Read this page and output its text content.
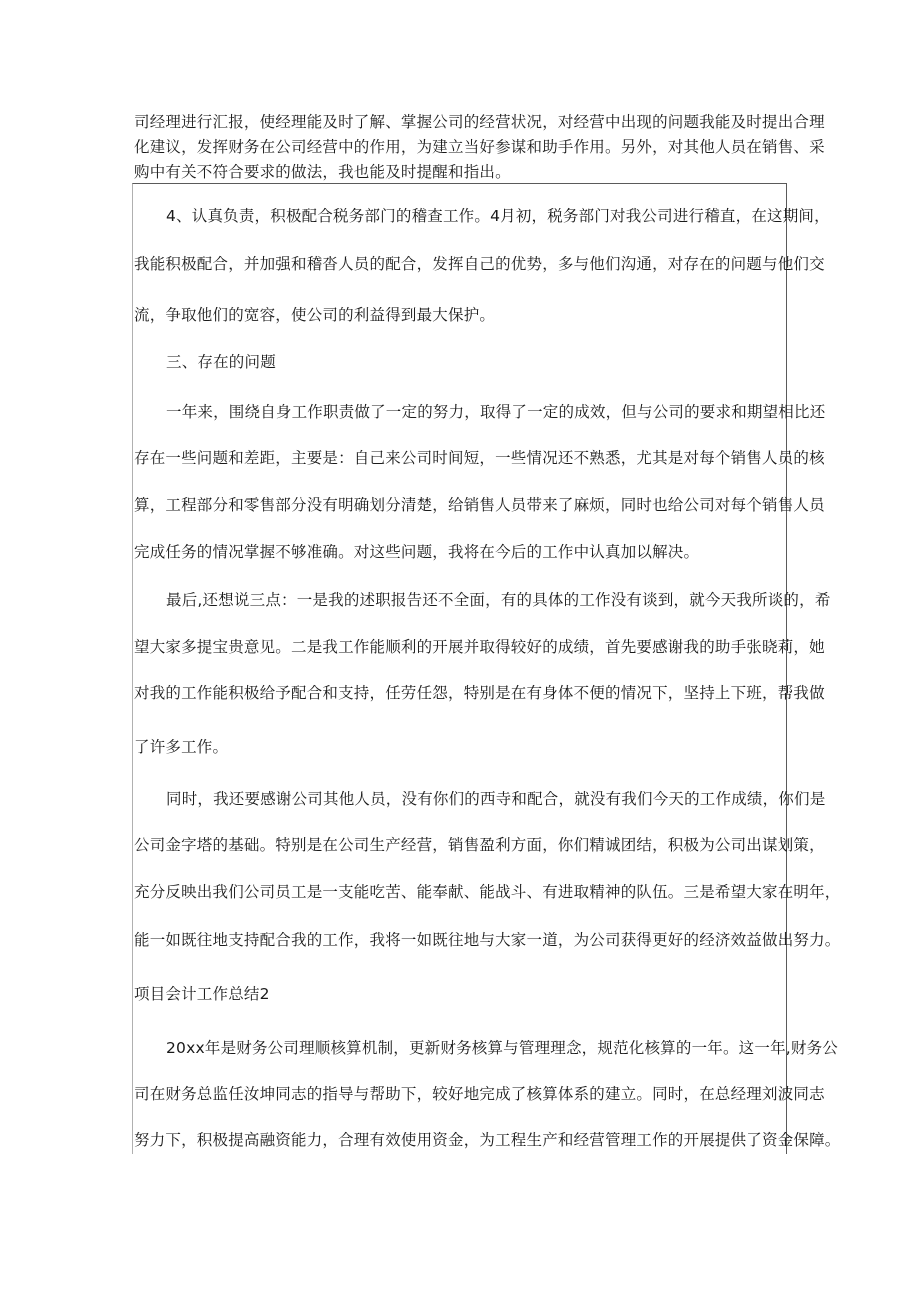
司经理进行汇报，使经理能及时了解、掌握公司的经营状况，对经营中出现的问题我能及时提出合理
化建议，发挥财务在公司经营中的作用，为建立当好参谋和助手作用。另外，对其他人员在销售、采
购中有关不符合要求的做法，我也能及时提醒和指出。
4、认真负责，积极配合税务部门的稽查工作。4月初，税务部门对我公司进行稽直，在这期间，
我能积极配合，并加强和稽沓人员的配合，发挥自己的优势，多与他们沟通，对存在的问题与他们交
流，争取他们的宽容，使公司的利益得到最大保护。
三、存在的问题
一年来，围绕自身工作职责做了一定的努力，取得了一定的成效，但与公司的要求和期望相比还
存在一些问题和差距，主要是：自己来公司时间短，一些情况还不熟悉，尤其是对每个销售人员的核
算，工程部分和零售部分没有明确划分清楚，给销售人员带来了麻烦，同时也给公司对每个销售人员
完成任务的情况掌握不够准确。对这些问题，我将在今后的工作中认真加以解决。
最后,还想说三点：一是我的述职报告还不全面，有的具体的工作没有谈到，就今天我所谈的，希
望大家多提宝贵意见。二是我工作能顺利的开展并取得较好的成绩，首先要感谢我的助手张晓莉，她
对我的工作能积极给予配合和支持，任劳任怨，特别是在有身体不便的情况下，坚持上下班，帮我做
了许多工作。
同时，我还要感谢公司其他人员，没有你们的西寺和配合，就没有我们今天的工作成绩，你们是
公司金字塔的基础。特别是在公司生产经营，销售盈利方面，你们精诚团结，积极为公司出谋划策，
充分反映出我们公司员工是一支能吃苦、能奉献、能战斗、有进取精神的队伍。三是希望大家在明年，
能一如既往地支持配合我的工作，我将一如既往地与大家一道，为公司获得更好的经济效益做出努力。
项目会计工作总结2
20xx年是财务公司理顺核算机制，更新财务核算与管理理念，规范化核算的一年。这一年,财务公
司在财务总监任汝坤同志的指导与帮助下，较好地完成了核算体系的建立。同时，在总经理刘波同志
努力下，积极提高融资能力，合理有效使用资金，为工程生产和经营管理工作的开展提供了资金保障。
